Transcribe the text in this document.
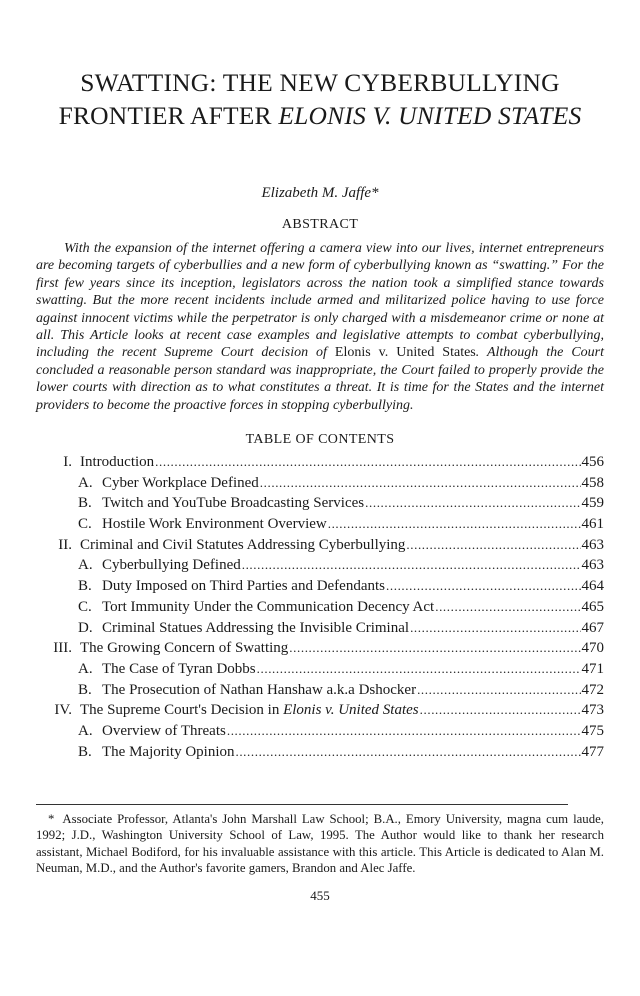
SWATTING: THE NEW CYBERBULLYING
FRONTIER AFTER ELONIS V. UNITED STATES
Elizabeth M. Jaffe*
ABSTRACT

With the expansion of the internet offering a camera view into our lives, internet entrepreneurs are becoming targets of cyberbullies and a new form of cyberbullying known as “swatting.” For the first few years since its inception, legislators across the nation took a simplified stance towards swatting. But the more recent incidents include armed and militarized police having to use force against innocent victims while the perpetrator is only charged with a misdemeanor crime or none at all. This Article looks at recent case examples and legislative attempts to combat cyberbullying, including the recent Supreme Court decision of Elonis v. United States. Although the Court concluded a reasonable person standard was inappropriate, the Court failed to properly provide the lower courts with direction as to what constitutes a threat. It is time for the States and the internet providers to become the proactive forces in stopping cyberbullying.

TABLE OF CONTENTS
I. Introduction .....	456
A. Cyber Workplace Defined .....	458
B. Twitch and YouTube Broadcasting Services .....	459
C. Hostile Work Environment Overview .....	461
II. Criminal and Civil Statutes Addressing Cyberbullying .....	463
A. Cyberbullying Defined .....	463
B. Duty Imposed on Third Parties and Defendants .....	464
C. Tort Immunity Under the Communication Decency Act .....	465
D. Criminal Statues Addressing the Invisible Criminal .....	467
III. The Growing Concern of Swatting .....	470
A. The Case of Tyran Dobbs .....	471
B. The Prosecution of Nathan Hanshaw a.k.a Dshocker .....	472
IV. The Supreme Court's Decision in Elonis v. United States .....	473
A. Overview of Threats .....	475
B. The Majority Opinion .....	477

* Associate Professor, Atlanta's John Marshall Law School; B.A., Emory University, magna cum laude, 1992; J.D., Washington University School of Law, 1995. The Author would like to thank her research assistant, Michael Bodiford, for his invaluable assistance with this article. This Article is dedicated to Alan M. Neuman, M.D., and the Author's favorite gamers, Brandon and Alec Jaffe.

455
